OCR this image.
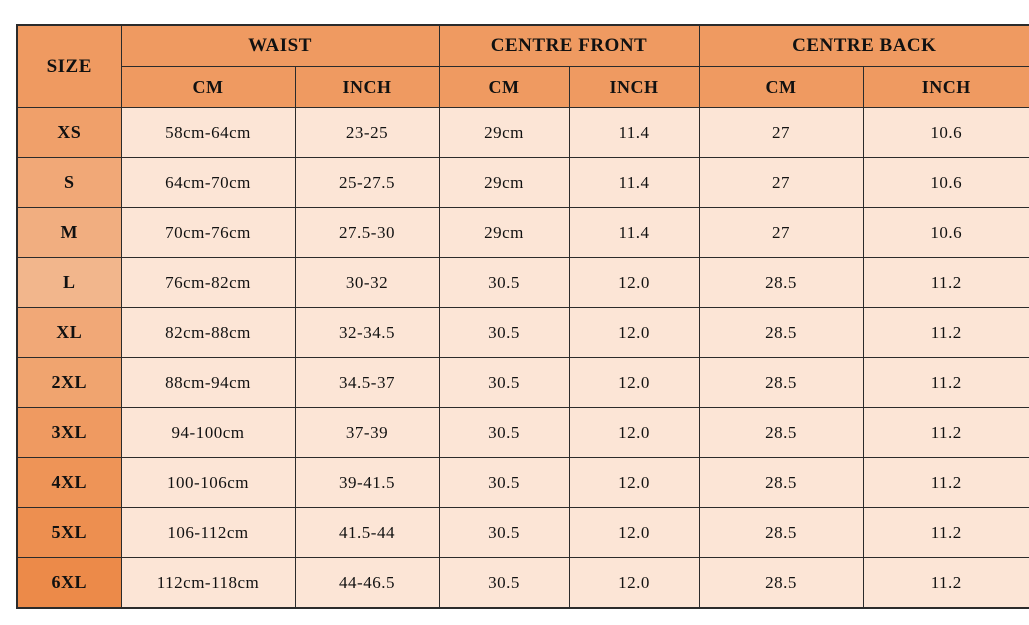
SIZE	WAIST		CENTRE FRONT		CENTRE BACK	
	CM	INCH	CM	INCH	CM	INCH
XS	58cm-64cm	23-25	29cm	11.4	27	10.6
S	64cm-70cm	25-27.5	29cm	11.4	27	10.6
M	70cm-76cm	27.5-30	29cm	11.4	27	10.6
L	76cm-82cm	30-32	30.5	12.0	28.5	11.2
XL	82cm-88cm	32-34.5	30.5	12.0	28.5	11.2
2XL	88cm-94cm	34.5-37	30.5	12.0	28.5	11.2
3XL	94-100cm	37-39	30.5	12.0	28.5	11.2
4XL	100-106cm	39-41.5	30.5	12.0	28.5	11.2
5XL	106-112cm	41.5-44	30.5	12.0	28.5	11.2
6XL	112cm-118cm	44-46.5	30.5	12.0	28.5	11.2
